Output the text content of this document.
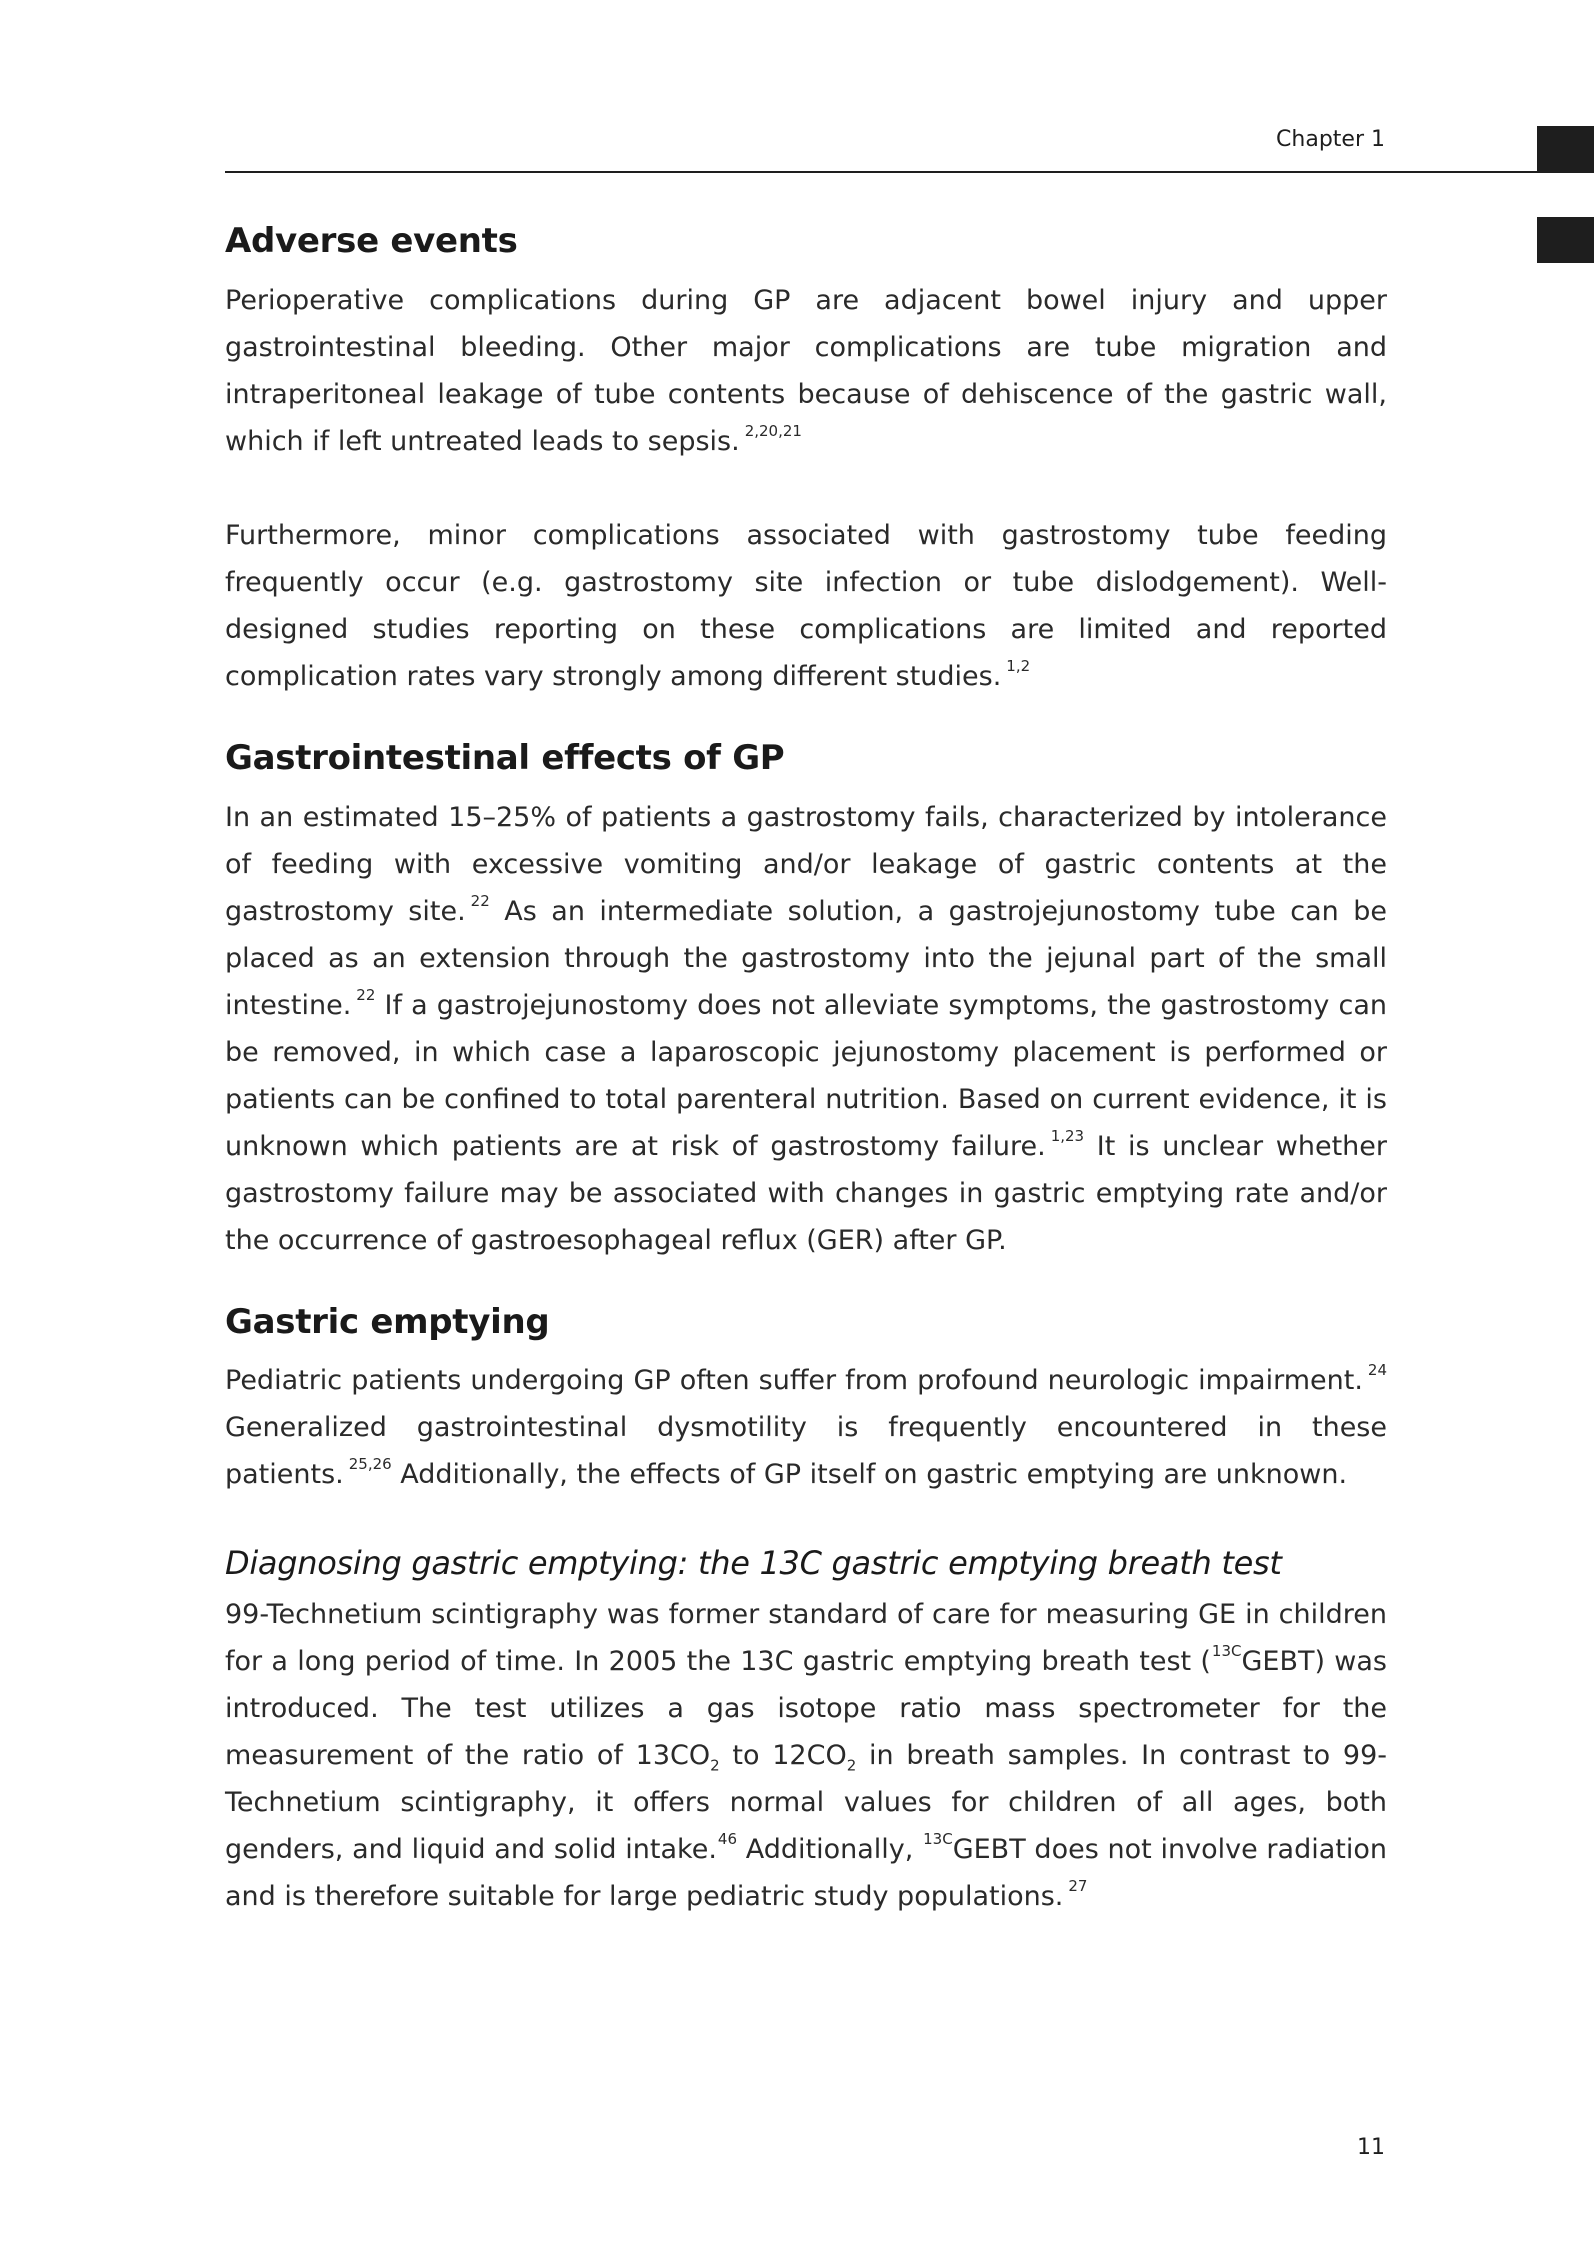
Chapter 1
Adverse events
Perioperative complications during GP are adjacent bowel injury and upper gastrointestinal bleeding. Other major complications are tube migration and intraperitoneal leakage of tube contents because of dehiscence of the gastric wall, which if left untreated leads to sepsis. $^{2,20,21}$
Furthermore, minor complications associated with gastrostomy tube feeding frequently occur (e.g. gastrostomy site infection or tube dislodgement). Well-designed studies reporting on these complications are limited and reported complication rates vary strongly among different studies. $^{1,2}$
Gastrointestinal effects of GP
In an estimated 15–25% of patients a gastrostomy fails, characterized by intolerance of feeding with excessive vomiting and/or leakage of gastric contents at the gastrostomy site. $^{22}$ As an intermediate solution, a gastrojejunostomy tube can be placed as an extension through the gastrostomy into the jejunal part of the small intestine. $^{22}$ If a gastrojejunostomy does not alleviate symptoms, the gastrostomy can be removed, in which case a laparoscopic jejunostomy placement is performed or patients can be confined to total parenteral nutrition. Based on current evidence, it is unknown which patients are at risk of gastrostomy failure. $^{1,23}$ It is unclear whether gastrostomy failure may be associated with changes in gastric emptying rate and/or the occurrence of gastroesophageal reflux (GER) after GP.
Gastric emptying
Pediatric patients undergoing GP often suffer from profound neurologic impairment. $^{24}$ Generalized gastrointestinal dysmotility is frequently encountered in these patients. $^{25,26}$ Additionally, the effects of GP itself on gastric emptying are unknown.
Diagnosing gastric emptying: the 13C gastric emptying breath test
99-Technetium scintigraphy was former standard of care for measuring GE in children for a long period of time. In 2005 the 13C gastric emptying breath test ($^{13C}$GEBT) was introduced. The test utilizes a gas isotope ratio mass spectrometer for the measurement of the ratio of $13CO_2$ to $12CO_2$ in breath samples. In contrast to 99-Technetium scintigraphy, it offers normal values for children of all ages, both genders, and liquid and solid intake.$^{46}$ Additionally, $^{13C}$GEBT does not involve radiation and is therefore suitable for large pediatric study populations. $^{27}$
11
